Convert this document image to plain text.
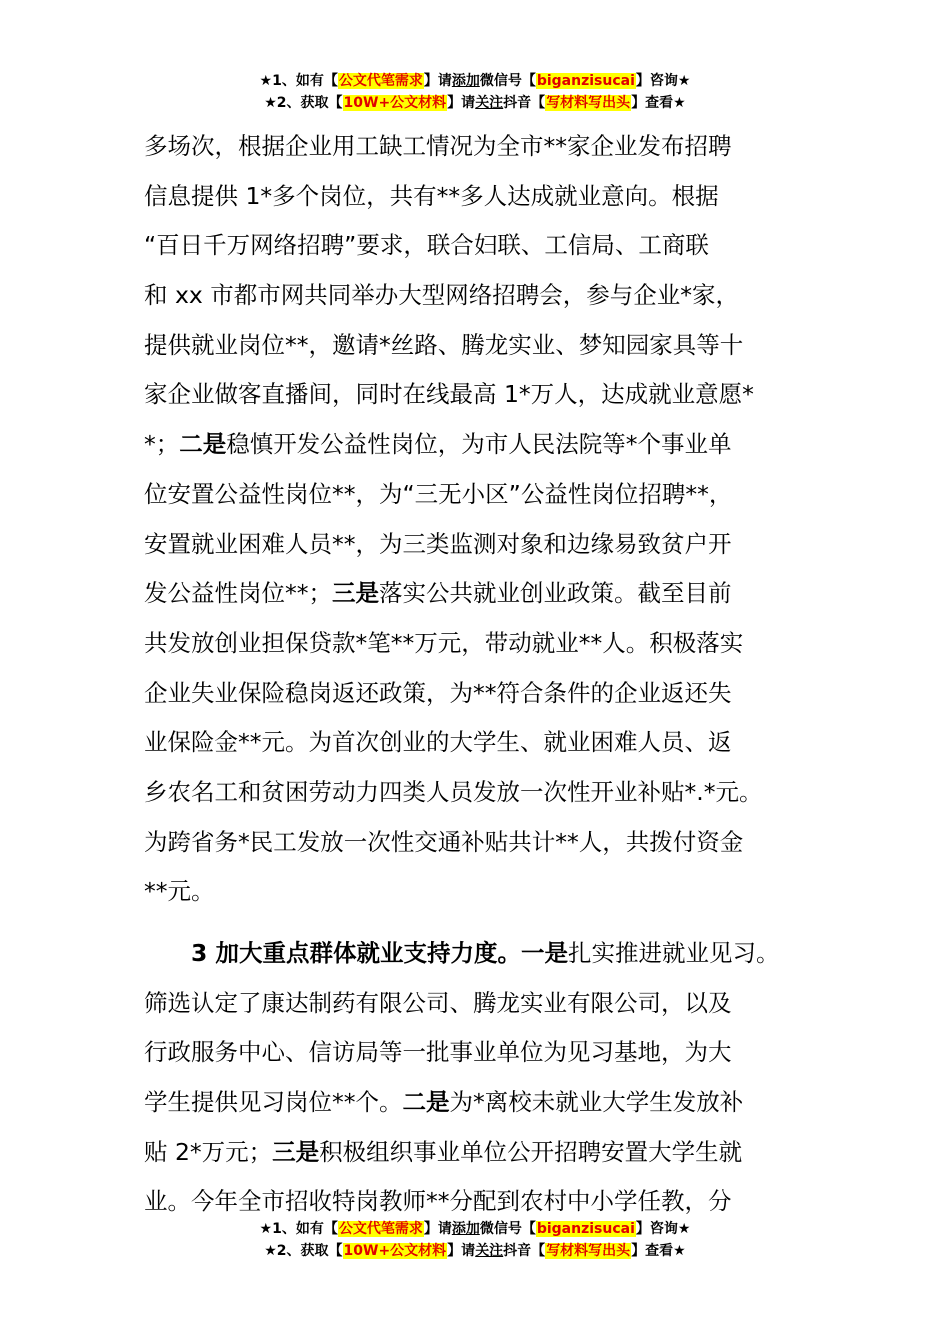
★1、如有【公文代笔需求】请添加微信号【biganzisucai】咨询★
★2、获取【10W+公文材料】请关注抖音【写材料写出头】查看★
多场次，根据企业用工缺工情况为全市**家企业发布招聘
信息提供 1*多个岗位，共有**多人达成就业意向。根据
“百日千万网络招聘”要求，联合妇联、工信局、工商联
和 xx 市都市网共同举办大型网络招聘会，参与企业*家，
提供就业岗位**，邀请*丝路、腾龙实业、梦知园家具等十
家企业做客直播间，同时在线最高 1*万人，达成就业意愿*
*；二是稳慎开发公益性岗位，为市人民法院等*个事业单
位安置公益性岗位**，为“三无小区”公益性岗位招聘**，
安置就业困难人员**，为三类监测对象和边缘易致贫户开
发公益性岗位**；三是落实公共就业创业政策。截至目前
共发放创业担保贷款*笔**万元，带动就业**人。积极落实
企业失业保险稳岗返还政策，为**符合条件的企业返还失
业保险金**元。为首次创业的大学生、就业困难人员、返
乡农名工和贫困劳动力四类人员发放一次性开业补贴*.*元。
为跨省务*民工发放一次性交通补贴共计**人，共拨付资金
**元。
3 加大重点群体就业支持力度。一是扎实推进就业见习。
筛选认定了康达制药有限公司、腾龙实业有限公司，以及
行政服务中心、信访局等一批事业单位为见习基地，为大
学生提供见习岗位**个。二是为*离校未就业大学生发放补
贴 2*万元；三是积极组织事业单位公开招聘安置大学生就
业。今年全市招收特岗教师**分配到农村中小学任教，分
★1、如有【公文代笔需求】请添加微信号【biganzisucai】咨询★
★2、获取【10W+公文材料】请关注抖音【写材料写出头】查看★
